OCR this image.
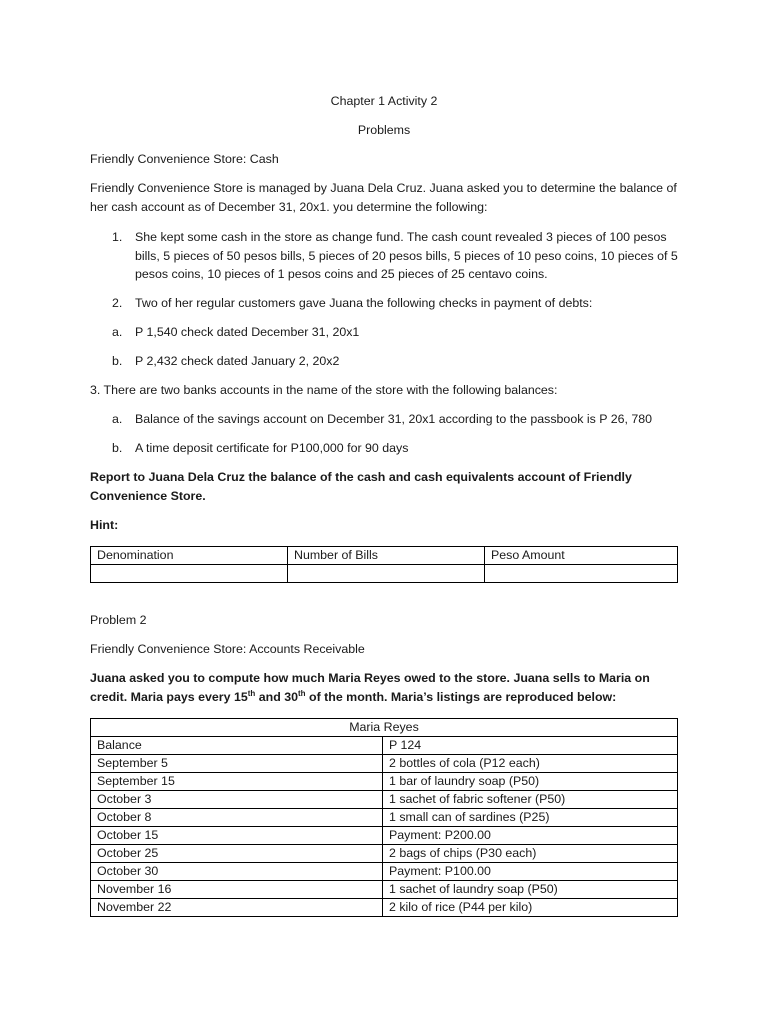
Chapter 1 Activity 2

Problems

Friendly Convenience Store: Cash

Friendly Convenience Store is managed by Juana Dela Cruz. Juana asked you to determine the balance of her cash account as of December 31, 20x1. you determine the following:

1.	She kept some cash in the store as change fund. The cash count revealed 3 pieces of 100 pesos bills, 5 pieces of 50 pesos bills, 5 pieces of 20 pesos bills, 5 pieces of 10 peso coins, 10 pieces of 5 pesos coins, 10 pieces of 1 pesos coins and 25 pieces of 25 centavo coins.
2.	Two of her regular customers gave Juana the following checks in payment of debts:
a.	P 1,540 check dated December 31, 20x1
b.	P 2,432 check dated January 2, 20x2

3. There are two banks accounts in the name of the store with the following balances:

a.	Balance of the savings account on December 31, 20x1 according to the passbook is P 26, 780
b.	A time deposit certificate for P100,000 for 90 days

Report to Juana Dela Cruz the balance of the cash and cash equivalents account of Friendly Convenience Store.

Hint:

Denomination	Number of Bills	Peso Amount

Problem 2

Friendly Convenience Store: Accounts Receivable

Juana asked you to compute how much Maria Reyes owed to the store. Juana sells to Maria on credit. Maria pays every 15th and 30th of the month. Maria’s listings are reproduced below:

Maria Reyes	
Balance	P 124
September 5	2 bottles of cola (P12 each)
September 15	1 bar of laundry soap (P50)
October 3	1 sachet of fabric softener (P50)
October 8	1 small can of sardines (P25)
October 15	Payment: P200.00
October 25	2 bags of chips (P30 each)
October 30	Payment: P100.00
November 16	1 sachet of laundry soap (P50)
November 22	2 kilo of rice (P44 per kilo)
